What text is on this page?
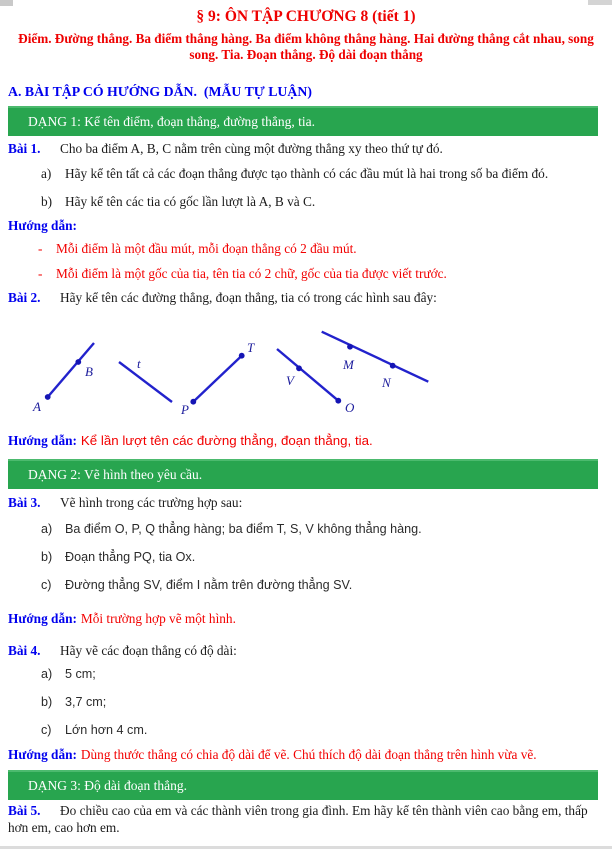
§ 9: ÔN TẬP CHƯƠNG 8 (tiết 1)
Điểm. Đường thẳng. Ba điểm thẳng hàng. Ba điểm không thẳng hàng. Hai đường thẳng cắt nhau, song song. Tia. Đoạn thẳng. Độ dài đoạn thẳng
A. BÀI TẬP CÓ HƯỚNG DẪN.  (MẪU TỰ LUẬN)
DẠNG 1: Kể tên điểm, đoạn thẳng, đường thẳng, tia.
Bài 1. Cho ba điểm A, B, C nằm trên cùng một đường thẳng xy theo thứ tự đó.
a) Hãy kể tên tất cả các đoạn thẳng được tạo thành có các đầu mút là hai trong số ba điểm đó.
b) Hãy kể tên các tia có gốc lần lượt là A, B và C.
Hướng dẫn:
- Mỗi điểm là một đầu mút, mỗi đoạn thẳng có 2 đầu mút.
- Mỗi điểm là một gốc của tia, tên tia có 2 chữ, gốc của tia được viết trước.
Bài 2. Hãy kể tên các đường thẳng, đoạn thẳng, tia có trong các hình sau đây:
A
B
t
P
T
V
O
M
N
Hướng dẫn: Kể lần lượt tên các đường thẳng, đoạn thẳng, tia.
DẠNG 2: Vẽ hình theo yêu cầu.
Bài 3. Vẽ hình trong các trường hợp sau:
a) Ba điểm O, P, Q thẳng hàng; ba điểm T, S, V không thẳng hàng.
b) Đoạn thẳng PQ, tia Ox.
c) Đường thẳng SV, điểm I nằm trên đường thẳng SV.
Hướng dẫn: Mỗi trường hợp vẽ một hình.
Bài 4. Hãy vẽ các đoạn thẳng có độ dài:
a) 5 cm;
b) 3,7 cm;
c) Lớn hơn 4 cm.
Hướng dẫn: Dùng thước thẳng có chia độ dài để vẽ. Chú thích độ dài đoạn thẳng trên hình vừa vẽ.
DẠNG 3: Độ dài đoạn thẳng.
Bài 5. Đo chiều cao của em và các thành viên trong gia đình. Em hãy kể tên thành viên cao bằng em, thấp hơn em, cao hơn em.
